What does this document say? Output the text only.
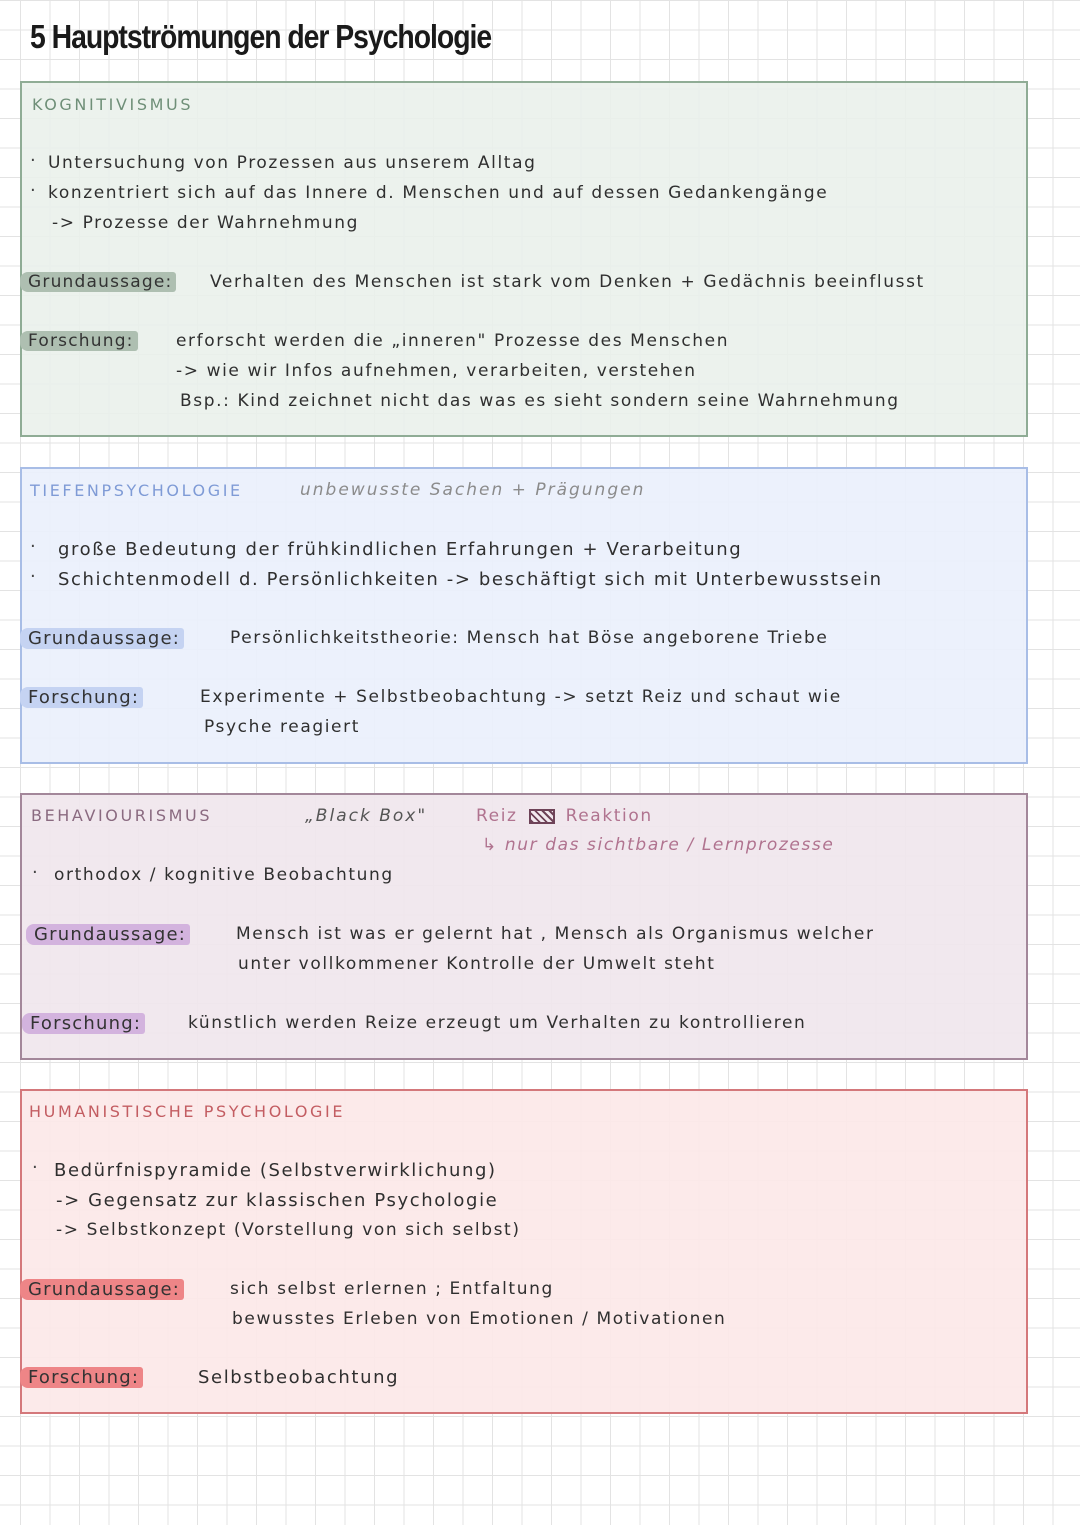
5 Hauptströmungen der Psychologie
KOGNITIVISMUS
· Untersuchung von Prozessen aus unserem Alltag
· konzentriert sich auf das Innere d. Menschen und auf dessen Gedankengänge
-> Prozesse der Wahrnehmung
Grundaussage: Verhalten des Menschen ist stark vom Denken + Gedächnis beeinflusst
Forschung: erforscht werden die „inneren" Prozesse des Menschen
-> wie wir Infos aufnehmen, verarbeiten, verstehen
Bsp.: Kind zeichnet nicht das was es sieht sondern seine Wahrnehmung
TIEFENPSYCHOLOGIE	unbewusste Sachen + Prägungen
· große Bedeutung der frühkindlichen Erfahrungen + Verarbeitung
· Schichtenmodell d. Persönlichkeiten -> beschäftigt sich mit Unterbewusstsein
Grundaussage:	Persönlichkeitstheorie: Mensch hat Böse angeborene Triebe
Forschung:	Experimente + Selbstbeobachtung -> setzt Reiz und schaut wie
Psyche reagiert
BEHAVIOURISMUS	„Black Box"	Reiz	Reaktion
↳ nur das sichtbare / Lernprozesse
· orthodox / kognitive Beobachtung
Grundaussage:	Mensch ist was er gelernt hat , Mensch als Organismus welcher
unter vollkommener Kontrolle der Umwelt steht
Forschung:	künstlich werden Reize erzeugt um Verhalten zu kontrollieren
HUMANISTISCHE PSYCHOLOGIE
· Bedürfnispyramide (Selbstverwirklichung)
-> Gegensatz zur klassischen Psychologie
-> Selbstkonzept (Vorstellung von sich selbst)
Grundaussage:	sich selbst erlernen ; Entfaltung
bewusstes Erleben von Emotionen / Motivationen
Forschung:	Selbstbeobachtung
